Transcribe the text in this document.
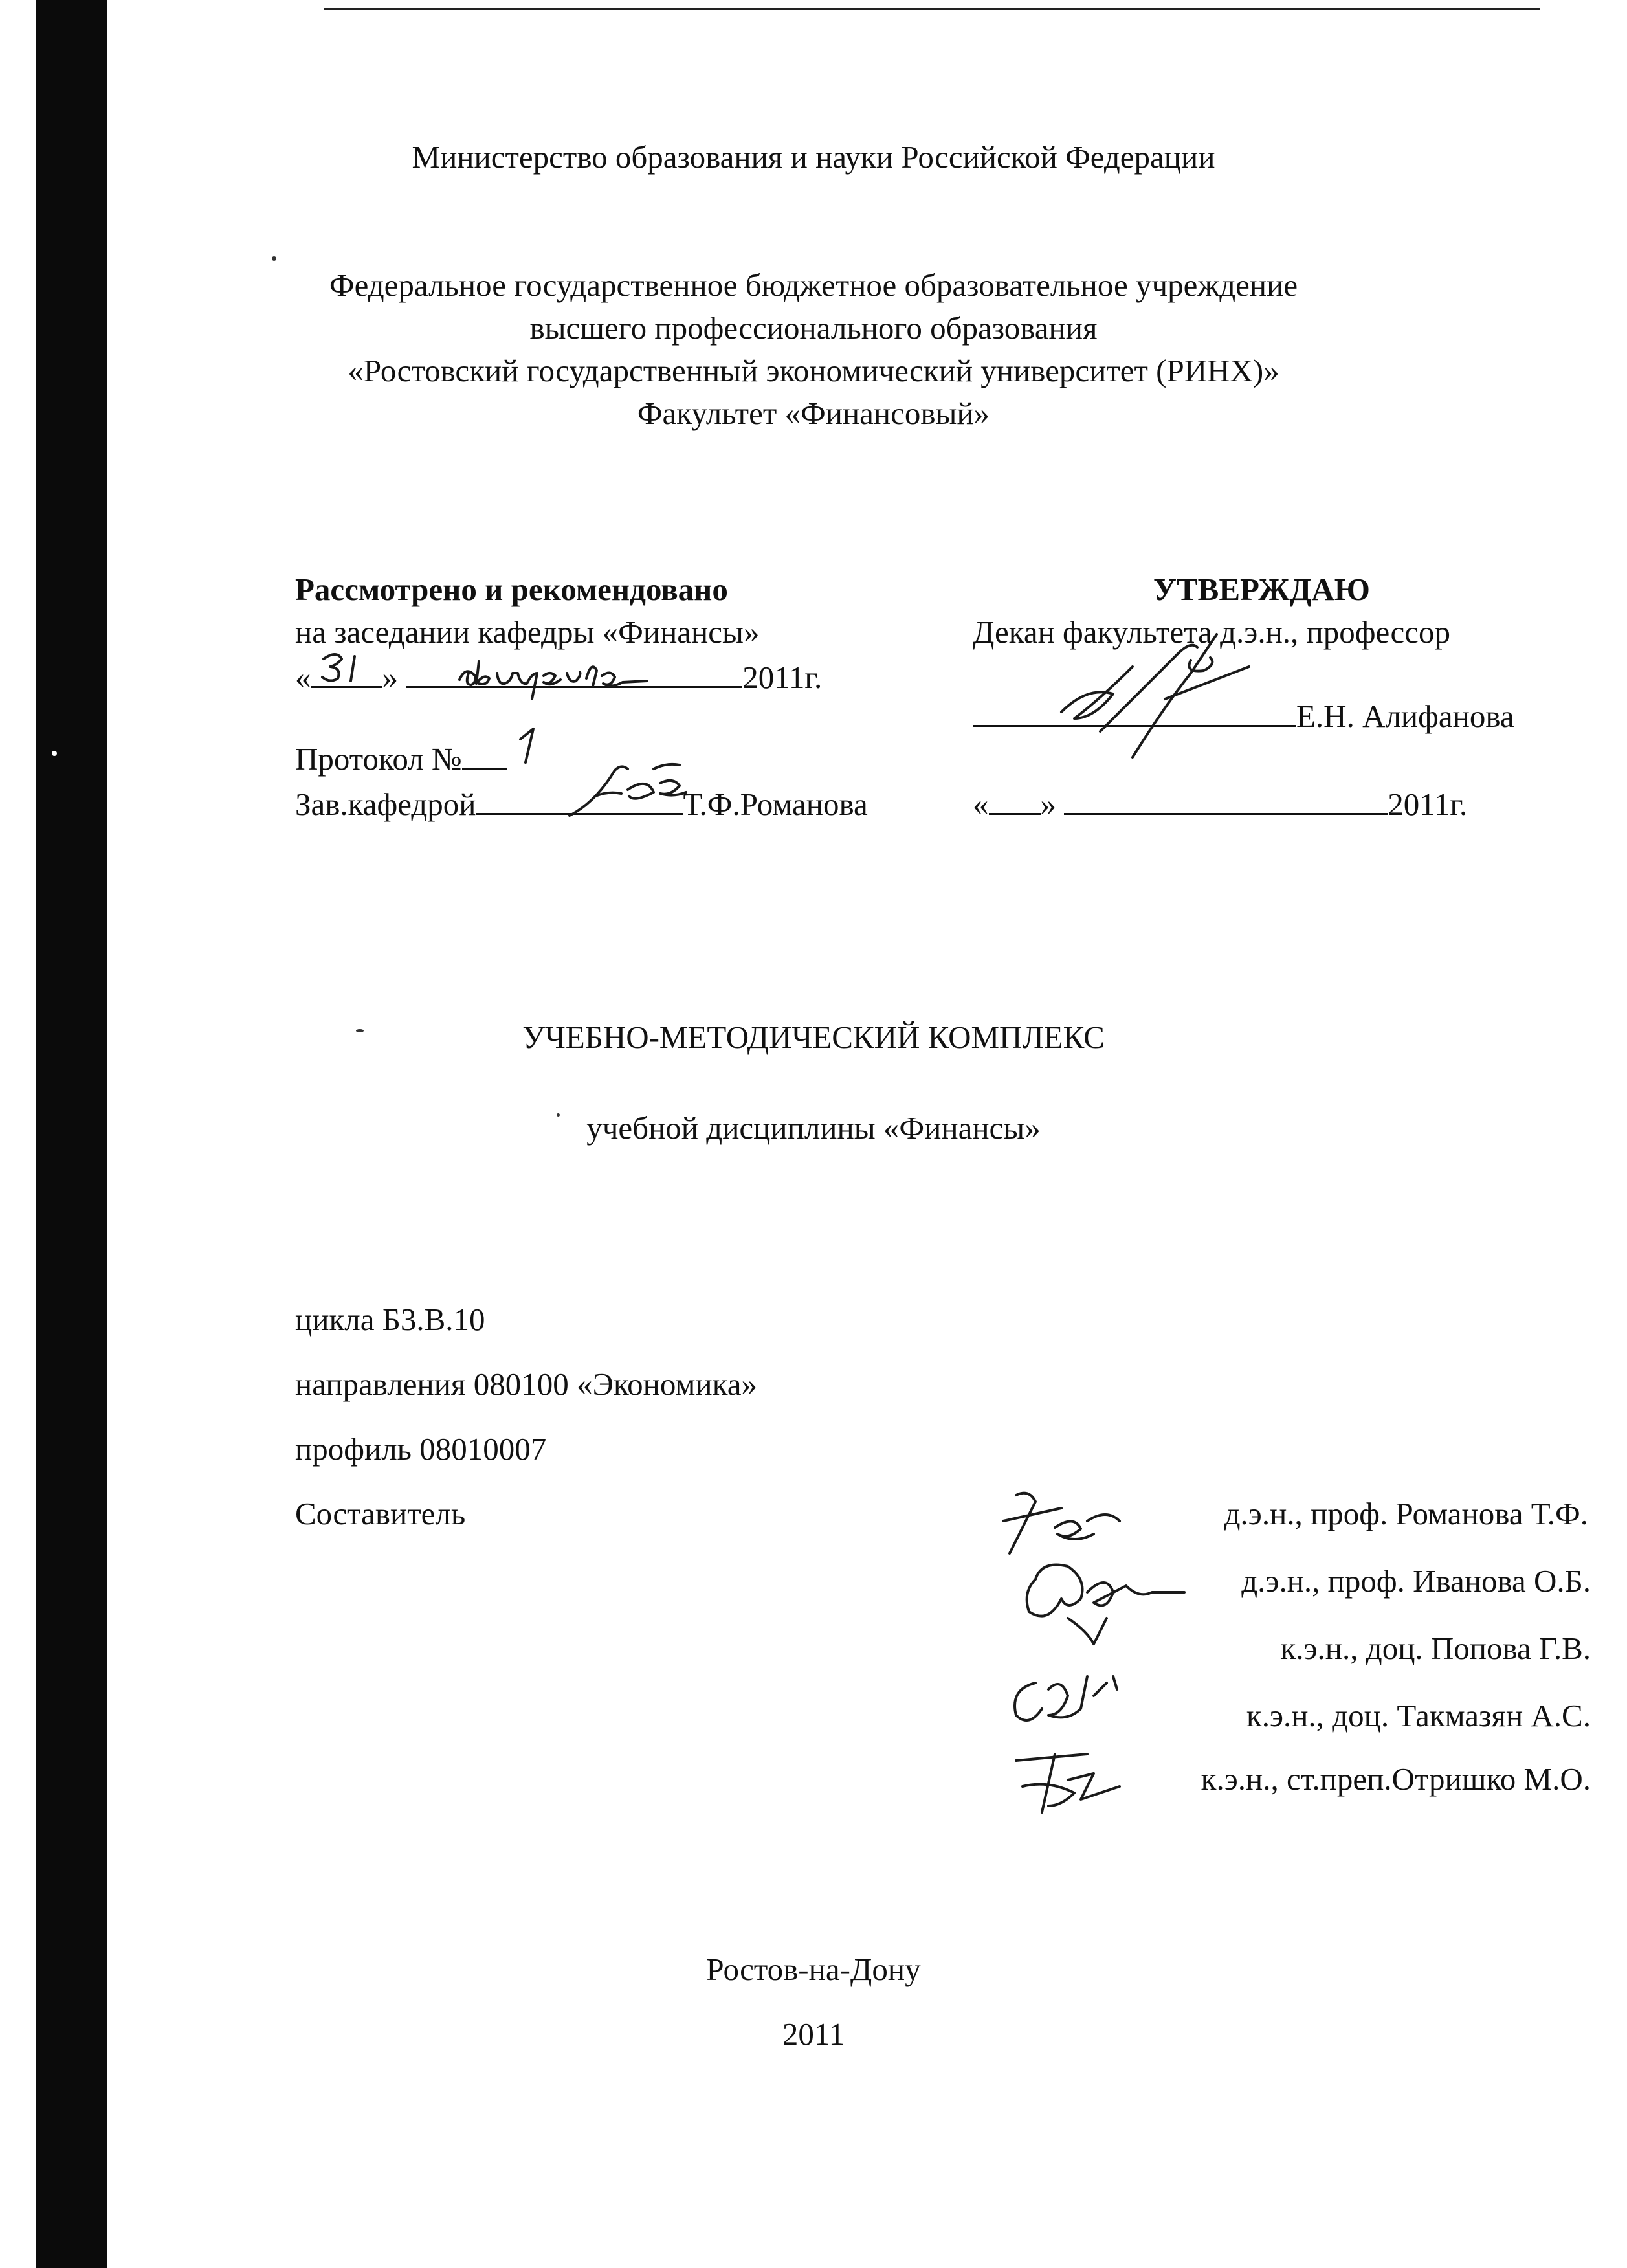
Министерство образования и науки Российской Федерации
Федеральное государственное бюджетное образовательное учреждение
высшего профессионального образования
«Ростовский государственный экономический университет (РИНХ)»
Факультет «Финансовый»
Рассмотрено и рекомендовано
на заседании кафедры «Финансы»
« »	2011г.
Протокол №
Зав.кафедрой	Т.Ф.Романова
УТВЕРЖДАЮ
Декан факультета д.э.н., профессор
Е.Н. Алифанова
« »	2011г.
УЧЕБНО-МЕТОДИЧЕСКИЙ КОМПЛЕКС
учебной дисциплины «Финансы»
цикла Б3.В.10
направления 080100 «Экономика»
профиль 08010007
Составитель	д.э.н., проф. Романова Т.Ф.
д.э.н., проф. Иванова О.Б.
к.э.н., доц. Попова Г.В.
к.э.н., доц. Такмазян А.С.
к.э.н., ст.преп.Отришко М.О.
Ростов-на-Дону
2011
